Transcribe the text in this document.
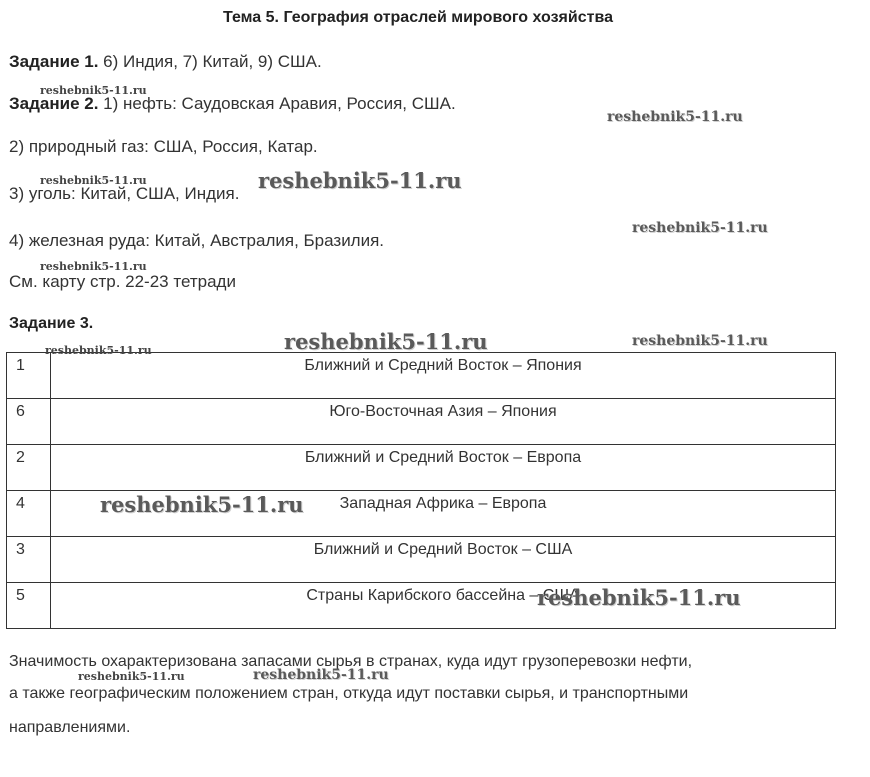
Тема 5. География отраслей мирового хозяйства
Задание 1. 6) Индия, 7) Китай, 9) США.
Задание 2. 1) нефть: Саудовская Аравия, Россия, США.
2) природный газ: США, Россия, Катар.
3) уголь: Китай, США, Индия.
4) железная руда: Китай, Австралия, Бразилия.
См. карту стр. 22-23 тетради
Задание 3.
1	Ближний и Средний Восток – Япония
6	Юго-Восточная Азия – Япония
2	Ближний и Средний Восток – Европа
4	Западная Африка – Европа
3	Ближний и Средний Восток – США
5	Страны Карибского бассейна – США
Значимость охарактеризована запасами сырья в странах, куда идут грузоперевозки нефти,
а также географическим положением стран, откуда идут поставки сырья, и транспортными
направлениями.
reshebnik5-11.ru
reshebnik5-11.ru
reshebnik5-11.ru	reshebnik5-11.ru
reshebnik5-11.ru
reshebnik5-11.ru
reshebnik5-11.ru	reshebnik5-11.ru
reshebnik5-11.ru
reshebnik5-11.ru
reshebnik5-11.ru
reshebnik5-11.ru	reshebnik5-11.ru
